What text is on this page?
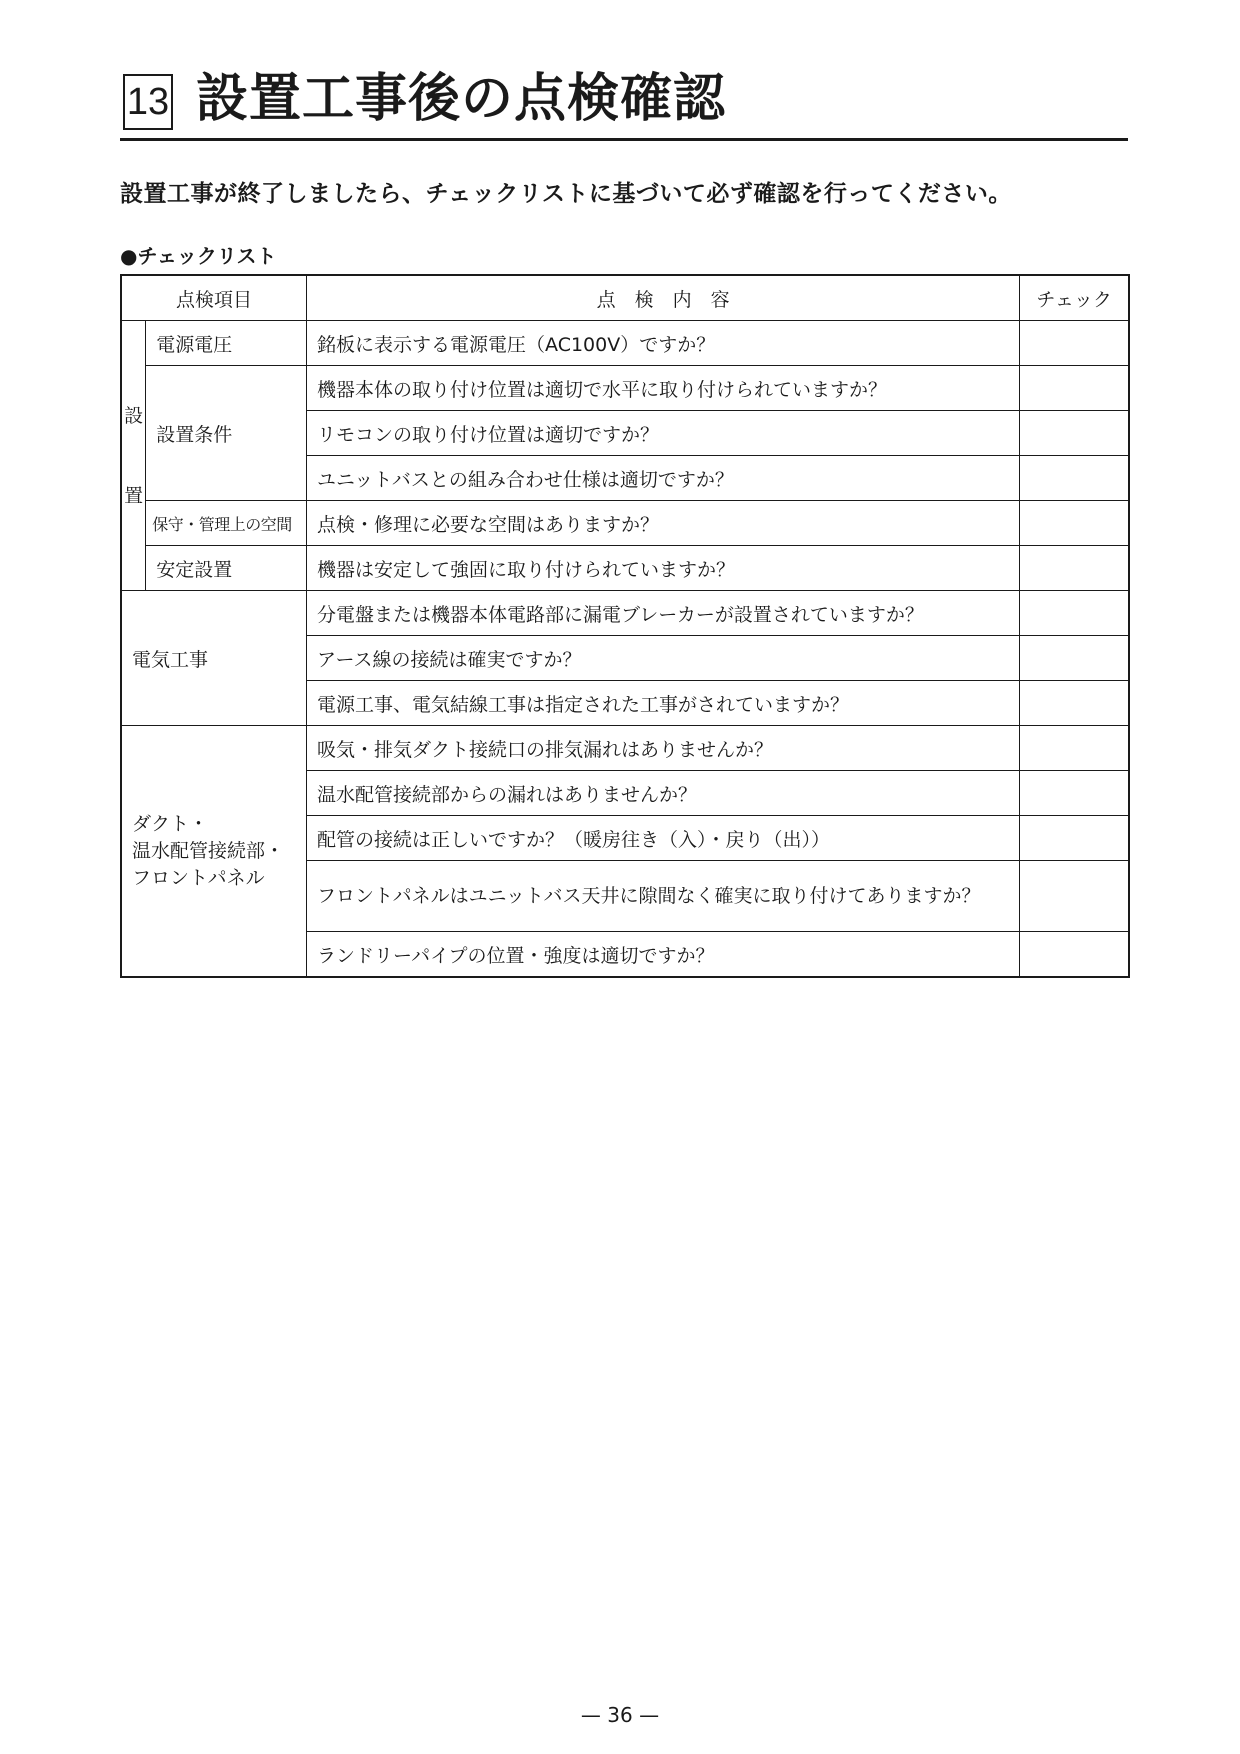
13 設置工事後の点検確認
設置工事が終了しましたら、チェックリストに基づいて必ず確認を行ってください。
●チェックリスト
点検項目		点　検　内　容	チェック

設
置	電源電圧	銘板に表示する電源電圧（AC100V）ですか？	
	設置条件	機器本体の取り付け位置は適切で水平に取り付けられていますか？	
		リモコンの取り付け位置は適切ですか？	
		ユニットバスとの組み合わせ仕様は適切ですか？	
	保守・管理上の空間	点検・修理に必要な空間はありますか？	
	安定設置	機器は安定して強固に取り付けられていますか？	
電気工事		分電盤または機器本体電路部に漏電ブレーカーが設置されていますか？	
		アース線の接続は確実ですか？	
		電源工事、電気結線工事は指定された工事がされていますか？	

ダクト・
温水配管接続部・
フロントパネル		吸気・排気ダクト接続口の排気漏れはありませんか？	
		温水配管接続部からの漏れはありませんか？	
		配管の接続は正しいですか？（暖房往き（入）・戻り（出））	
		フロントパネルはユニットバス天井に隙間なく確実に取り付けてありますか？	
		ランドリーパイプの位置・強度は適切ですか？	
— 36 —
